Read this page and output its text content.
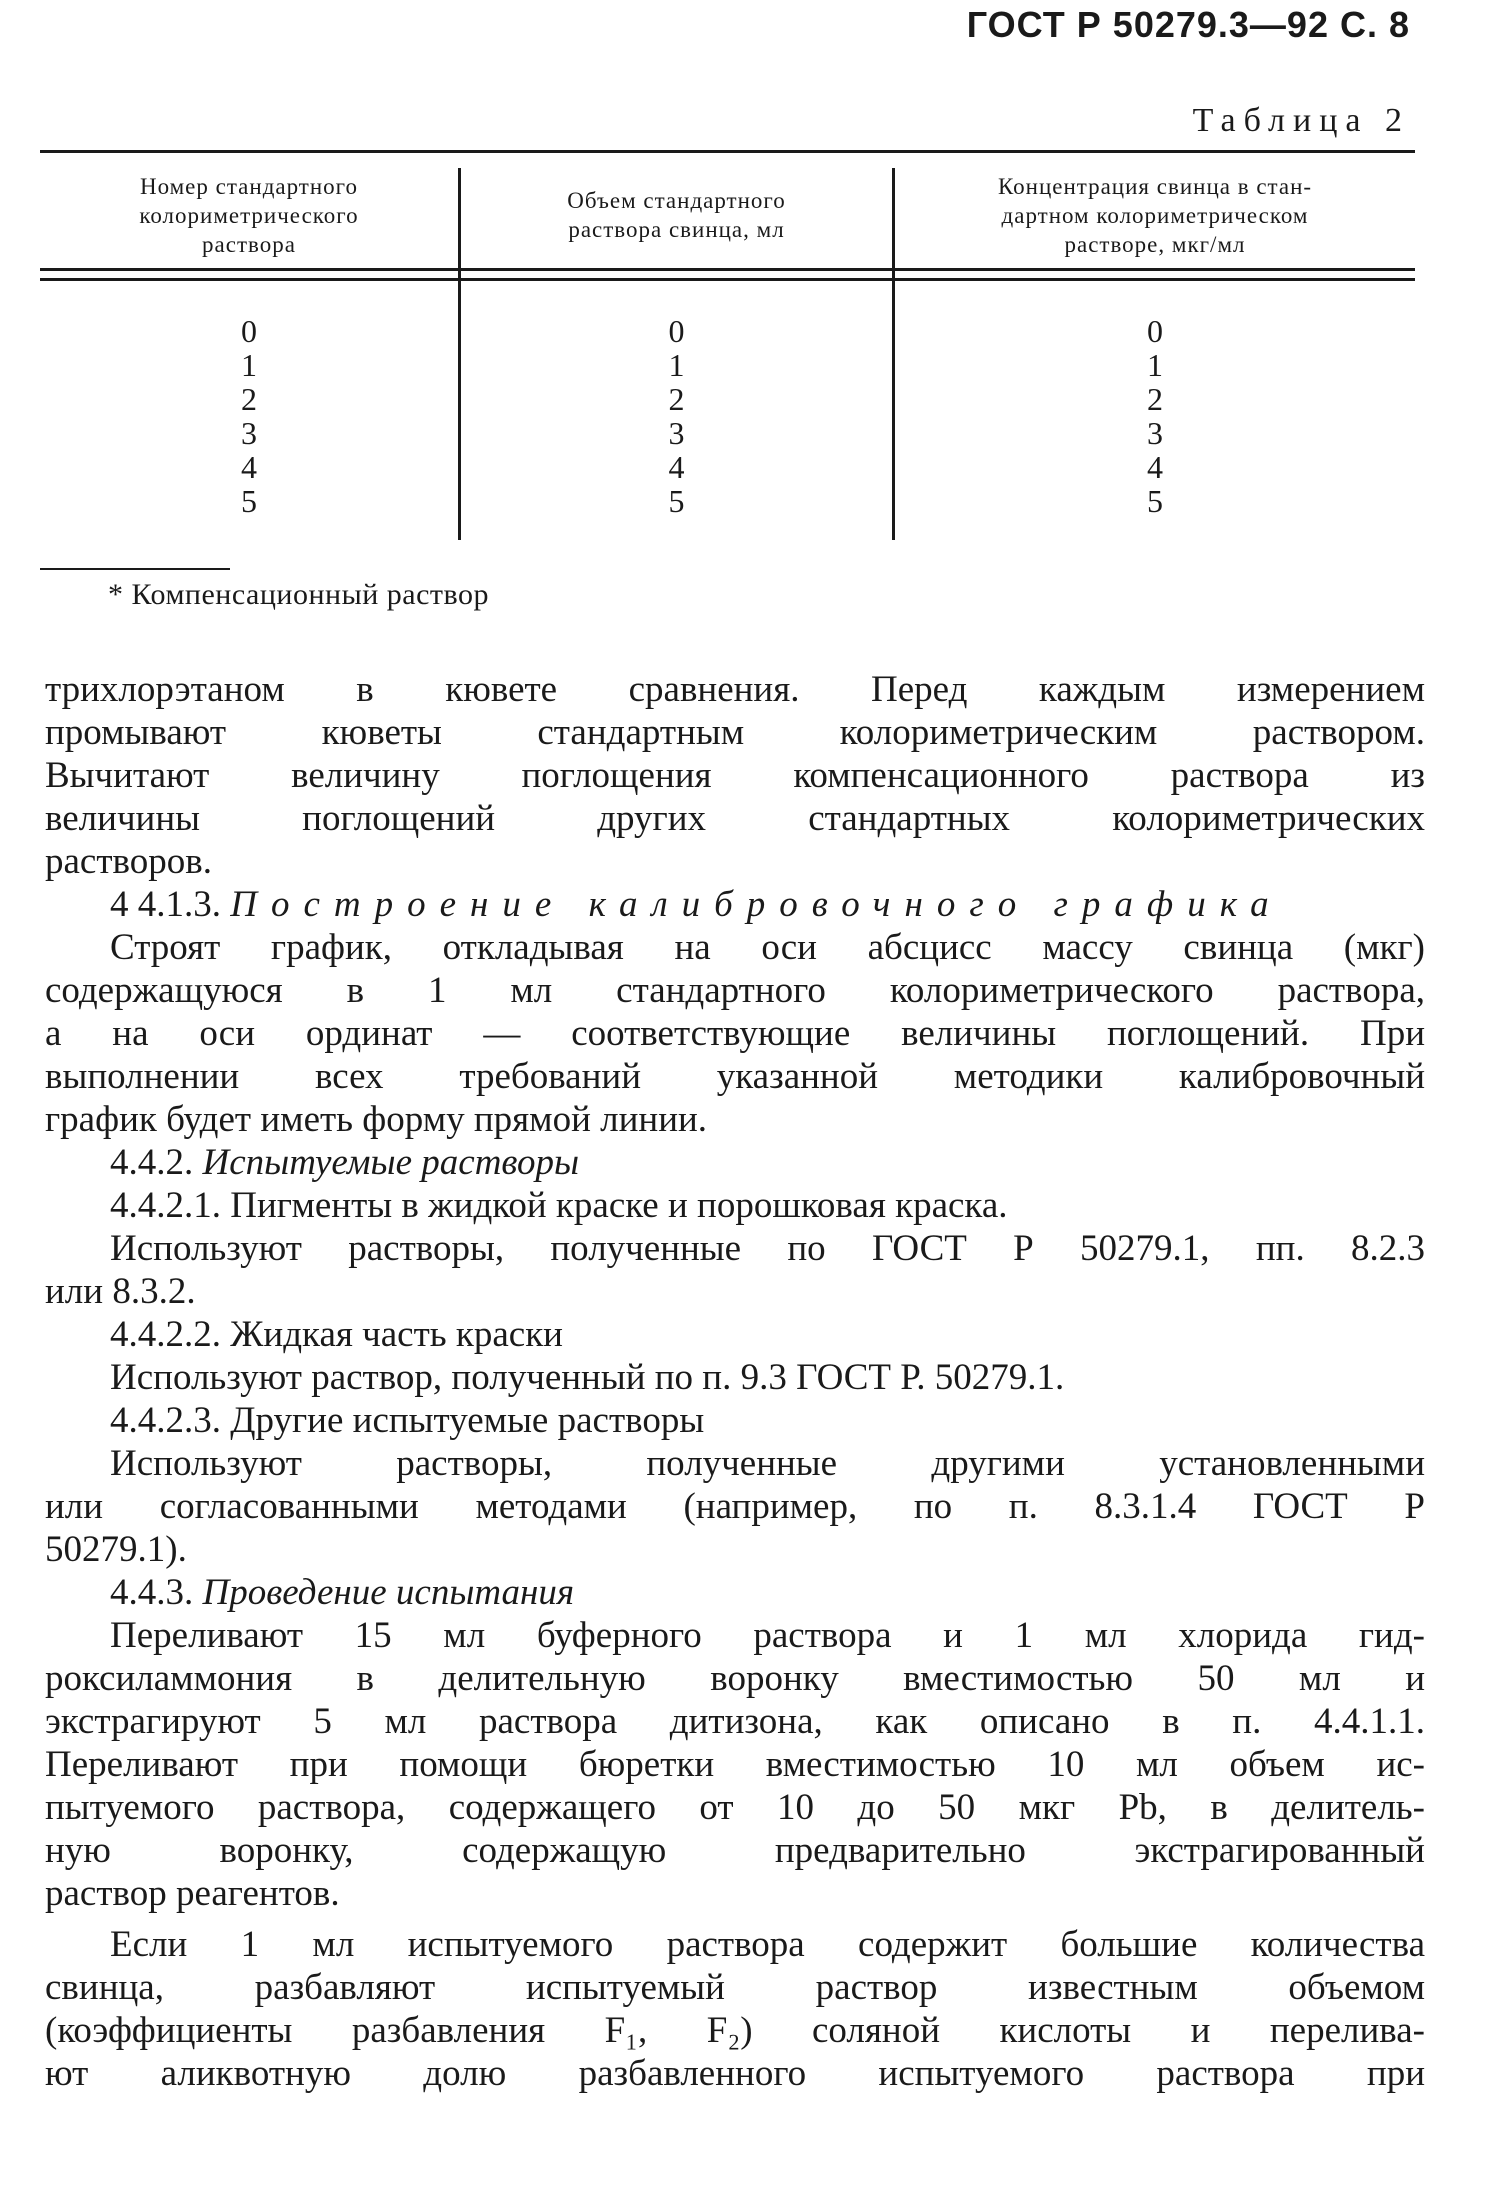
ГОСТ Р 50279.3—92 С. 8
Таблица 2
Номер стандартного
колориметрического
раствора
Объем стандартного
раствора свинца, мл
Концентрация свинца в стан-
дартном колориметрическом
растворе, мкг/мл
0
1
2
3
4
5
0
1
2
3
4
5
0
1
2
3
4
5
* Компенсационный раствор
трихлорэтаном в кювете сравнения. Перед каждым измерением
промывают кюветы стандартным колориметрическим раствором.
Вычитают величину поглощения компенсационного раствора из
величины поглощений других стандартных колориметрических
растворов.
4 4.1.3. Построение калибровочного графика
Строят график, откладывая на оси абсцисс массу свинца (мкг)
содержащуюся в 1 мл стандартного колориметрического раствора,
а на оси ординат — соответствующие величины поглощений. При
выполнении всех требований указанной методики калибровочный
график будет иметь форму прямой линии.
4.4.2. Испытуемые растворы
4.4.2.1. Пигменты в жидкой краске и порошковая краска.
Используют растворы, полученные по ГОСТ Р 50279.1, пп. 8.2.3
или 8.3.2.
4.4.2.2. Жидкая часть краски
Используют раствор, полученный по п. 9.3 ГОСТ Р. 50279.1.
4.4.2.3. Другие испытуемые растворы
Используют растворы, полученные другими установленными
или согласованными методами (например, по п. 8.3.1.4 ГОСТ Р
50279.1).
4.4.3. Проведение испытания
Переливают 15 мл буферного раствора и 1 мл хлорида гид-
роксиламмония в делительную воронку вместимостью 50 мл и
экстрагируют 5 мл раствора дитизона, как описано в п. 4.4.1.1.
Переливают при помощи бюретки вместимостью 10 мл объем ис-
пытуемого раствора, содержащего от 10 до 50 мкг Pb, в делитель-
ную воронку, содержащую предварительно экстрагированный
раствор реагентов.
Если 1 мл испытуемого раствора содержит большие количества
свинца, разбавляют испытуемый раствор известным объемом
(коэффициенты разбавления F₁, F₂) соляной кислоты и перелива-
ют аликвотную долю разбавленного испытуемого раствора при
